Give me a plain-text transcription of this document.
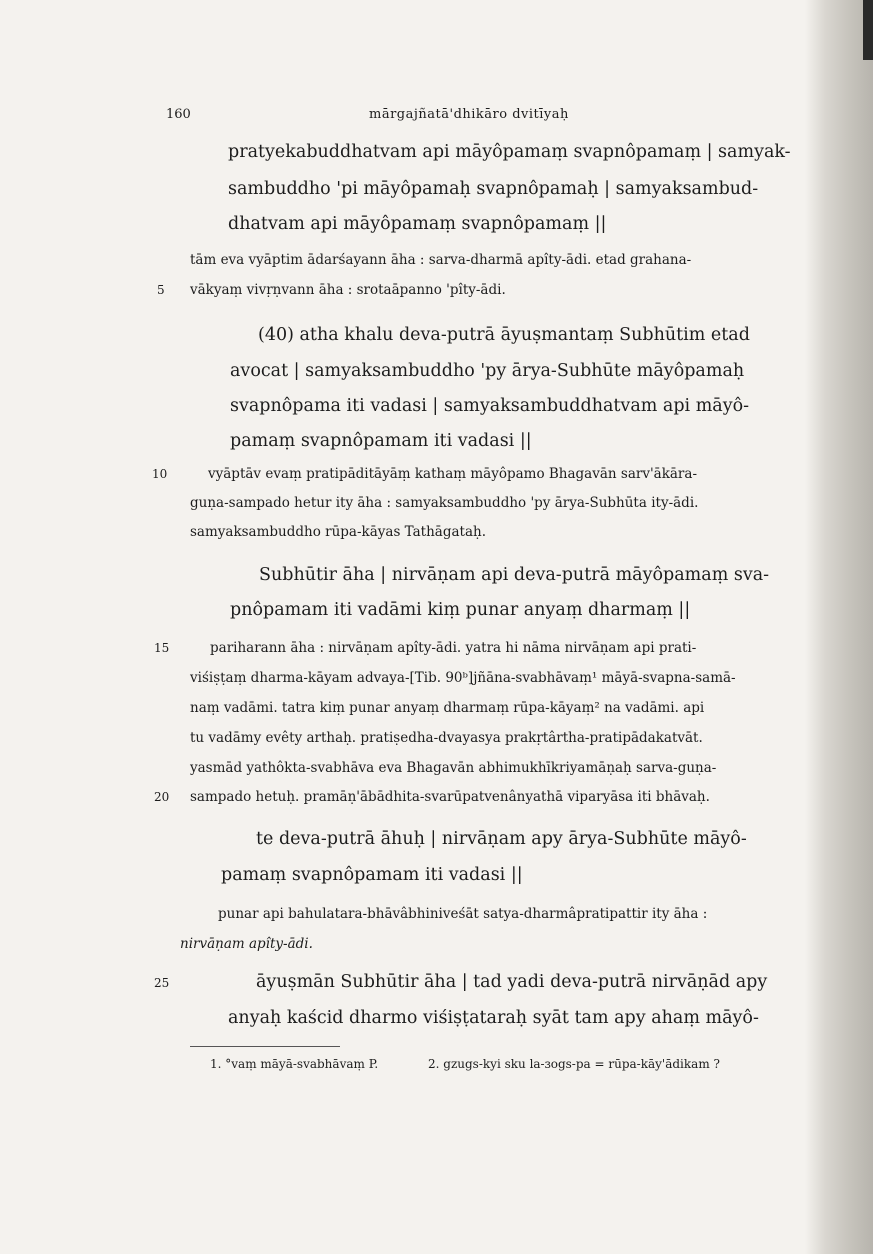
160	mārgajñatā'dhikāro dvitīyaḥ
pratyekabuddhatvam api māyôpamaṃ svapnôpamaṃ | samyak-
sambuddho 'pi māyôpamaḥ svapnôpamaḥ | samyaksambud-
dhatvam api māyôpamaṃ svapnôpamaṃ ||
tām eva vyāptim ādarśayann āha : sarva-dharmā apîty-ādi. etad grahana-
vākyaṃ vivṛṇvann āha : srotaāpanno 'pîty-ādi.
5
(40) atha khalu deva-putrā āyuṣmantaṃ Subhūtim etad
avocat | samyaksambuddho 'py ārya-Subhūte māyôpamaḥ
svapnôpama iti vadasi | samyaksambuddhatvam api māyô-
pamaṃ svapnôpamam iti vadasi ||
10	vyāptāv evaṃ pratipāditāyāṃ kathaṃ māyôpamo Bhagavān sarv'ākāra-
guṇa-sampado hetur ity āha : samyaksambuddho 'py ārya-Subhūta ity-ādi.
samyaksambuddho rūpa-kāyas Tathāgataḥ.
Subhūtir āha | nirvāṇam api deva-putrā māyôpamaṃ sva-
pnôpamam iti vadāmi kiṃ punar anyaṃ dharmaṃ ||
15	pariharann āha : nirvāṇam apîty-ādi. yatra hi nāma nirvāṇam api prati-
viśiṣṭaṃ dharma-kāyam advaya-[Tib. 90ᵇ]jñāna-svabhāvaṃ¹ māyā-svapna-samā-
naṃ vadāmi. tatra kiṃ punar anyaṃ dharmaṃ rūpa-kāyaṃ² na vadāmi. api
tu vadāmy evêty arthaḥ. pratiṣedha-dvayasya prakṛtârtha-pratipādakatvāt.
yasmād yathôkta-svabhāva eva Bhagavān abhimukhīkriyamāṇaḥ sarva-guṇa-
sampado hetuḥ. pramāṇ'ābādhita-svarūpatvenânyathā viparyāsa iti bhāvaḥ.
20
te deva-putrā āhuḥ | nirvāṇam apy ārya-Subhūte māyô-
pamaṃ svapnôpamam iti vadasi ||
punar api bahulatara-bhāvâbhiniveśāt satya-dharmâpratipattir ity āha :
nirvāṇam apîty-ādi.
25	āyuṣmān Subhūtir āha | tad yadi deva-putrā nirvāṇād apy
anyaḥ kaścid dharmo viśiṣṭataraḥ syāt tam apy ahaṃ māyô-
1. °vaṃ māyā-svabhāvaṃ P.	2. gzugs-kyi sku la-ɜogs-pa = rūpa-kāy'ādikam ?
